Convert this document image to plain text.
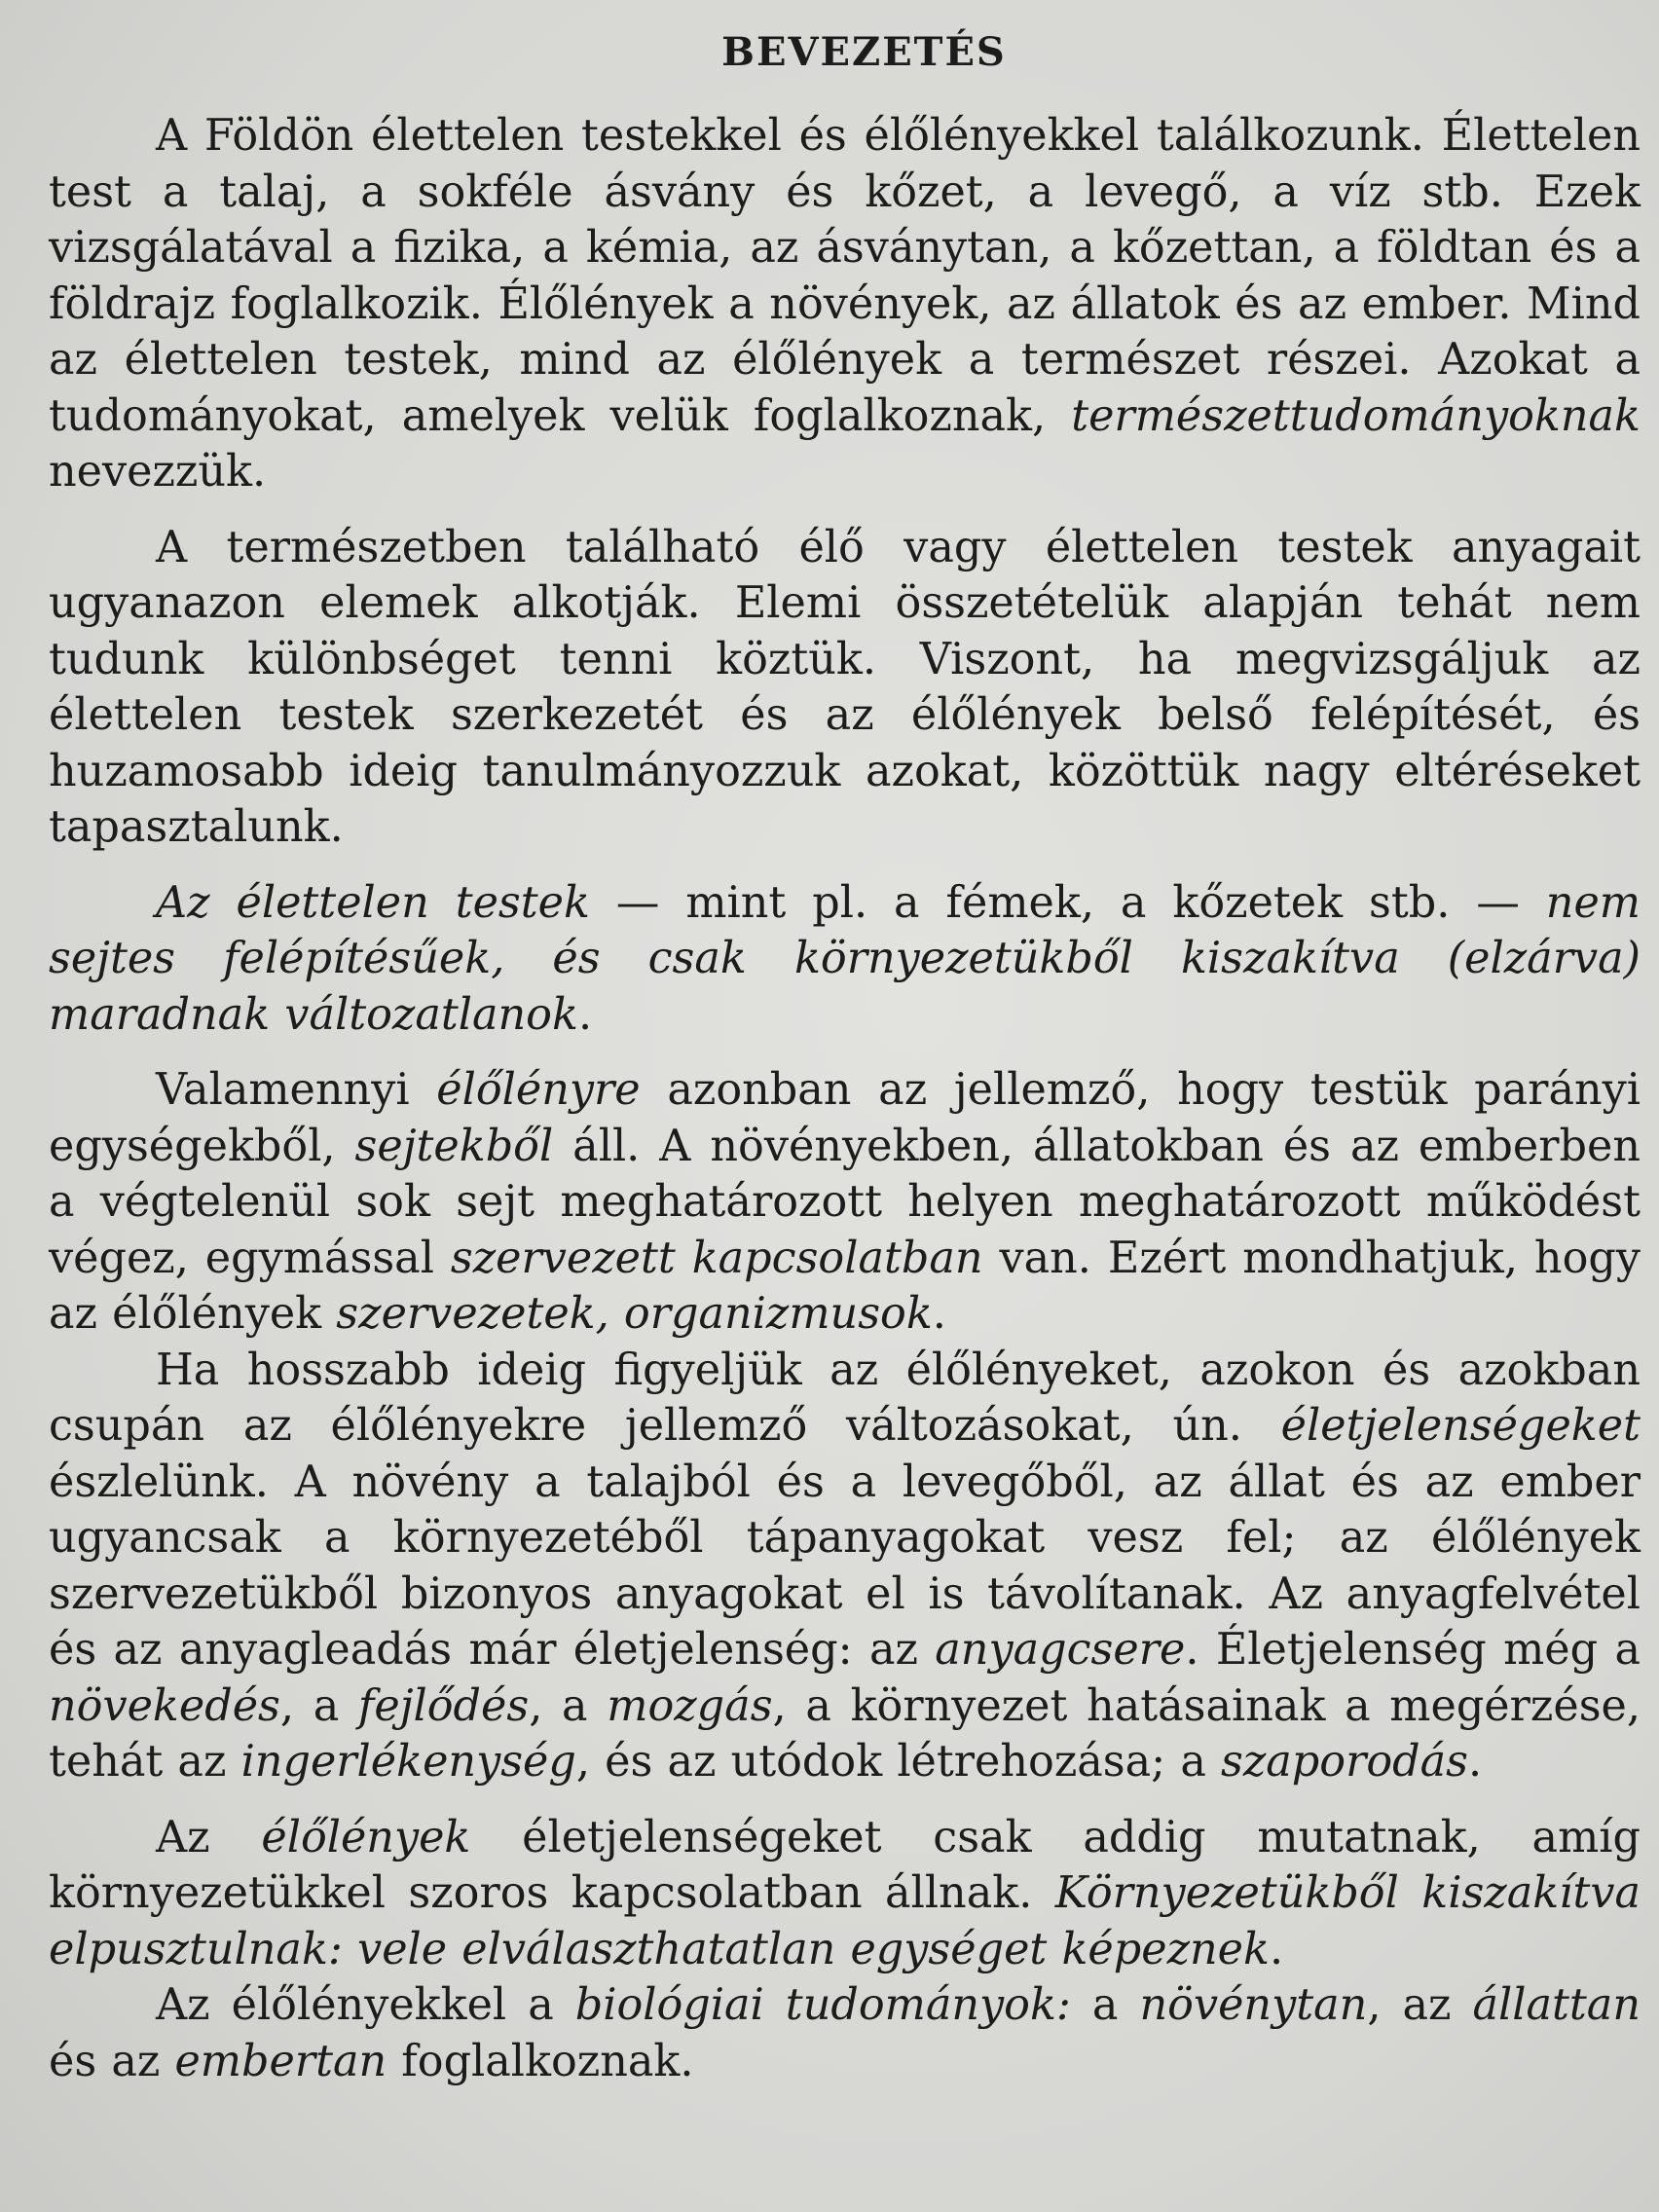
BEVEZETÉS

A Földön élettelen testekkel és élőlényekkel találkozunk. Élettelen test a talaj, a sokféle ásvány és kőzet, a levegő, a víz stb. Ezek vizsgálatával a fizika, a kémia, az ásványtan, a kőzettan, a földtan és a földrajz foglalkozik. Élőlények a növények, az állatok és az ember. Mind az élettelen testek, mind az élőlények a természet részei. Azokat a tudományokat, amelyek velük foglalkoznak, természettudományoknak nevezzük.

A természetben található élő vagy élettelen testek anyagait ugyanazon elemek alkotják. Elemi összetételük alapján tehát nem tudunk különbséget tenni köztük. Viszont, ha megvizsgáljuk az élettelen testek szerkezetét és az élőlények belső felépítését, és huzamosabb ideig tanulmányozzuk azokat, közöttük nagy eltéréseket tapasztalunk.

Az élettelen testek — mint pl. a fémek, a kőzetek stb. — nem sejtes felépítésűek, és csak környezetükből kiszakítva (elzárva) maradnak változatlanok.

Valamennyi élőlényre azonban az jellemző, hogy testük parányi egységekből, sejtekből áll. A növényekben, állatokban és az emberben a végtelenül sok sejt meghatározott helyen meghatározott működést végez, egymással szervezett kapcsolatban van. Ezért mondhatjuk, hogy az élőlények szervezetek, organizmusok.

Ha hosszabb ideig figyeljük az élőlényeket, azokon és azokban csupán az élőlényekre jellemző változásokat, ún. életjelenségeket észlelünk. A növény a talajból és a levegőből, az állat és az ember ugyancsak a környezetéből tápanyagokat vesz fel; az élőlények szervezetükből bizonyos anyagokat el is távolítanak. Az anyagfelvétel és az anyagleadás már életjelenség: az anyagcsere. Életjelenség még a növekedés, a fejlődés, a mozgás, a környezet hatásainak a megérzése, tehát az ingerlékenység, és az utódok létrehozása; a szaporodás.

Az élőlények életjelenségeket csak addig mutatnak, amíg környezetükkel szoros kapcsolatban állnak. Környezetükből kiszakítva elpusztulnak: vele elválaszthatatlan egységet képeznek.

Az élőlényekkel a biológiai tudományok: a növénytan, az állattan és az embertan foglalkoznak.
